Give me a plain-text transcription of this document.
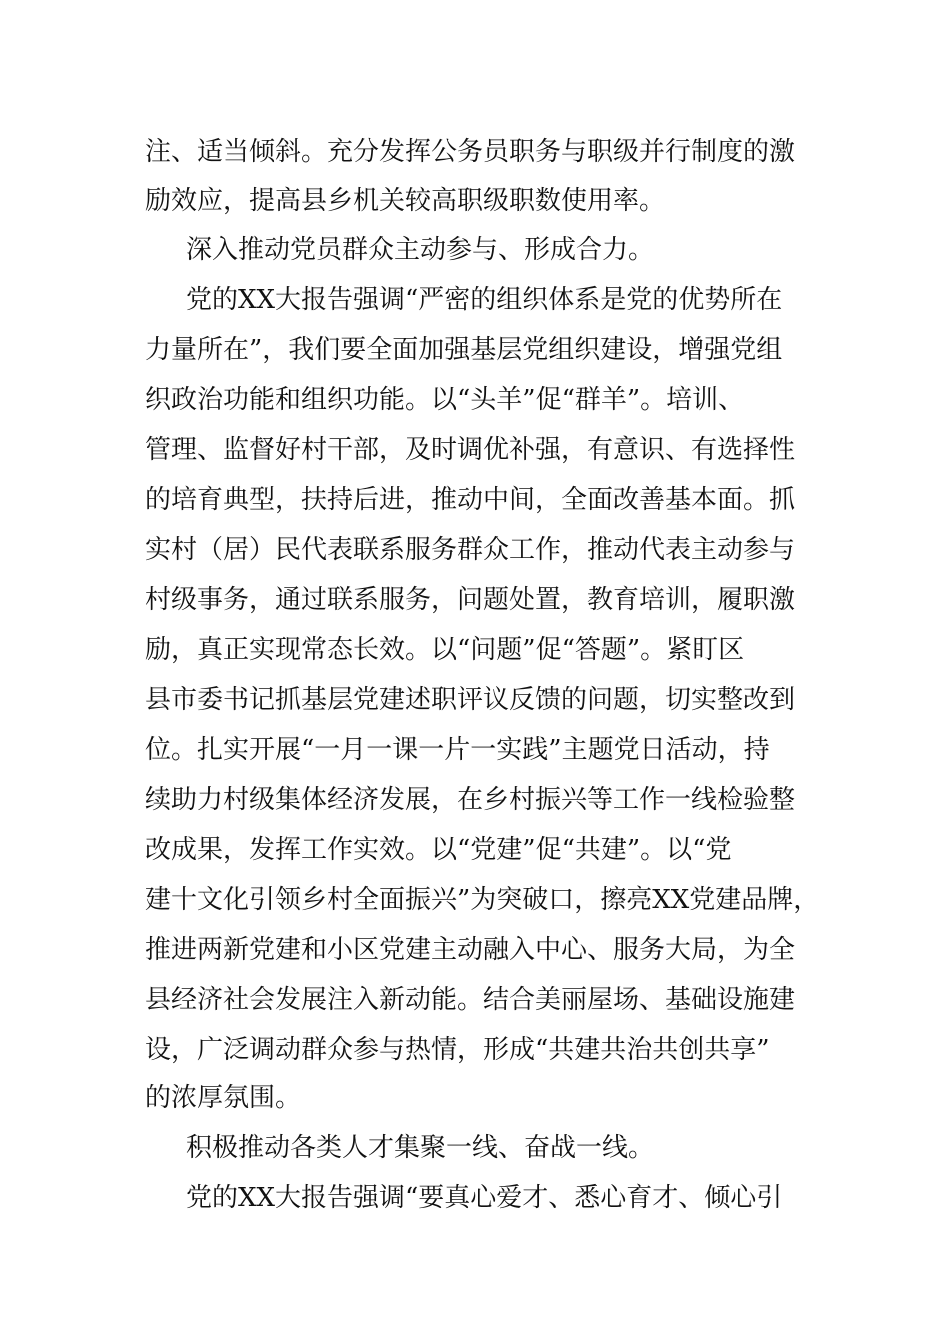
注、适当倾斜。充分发挥公务员职务与职级并行制度的激
励效应，提高县乡机关较高职级职数使用率。
深入推动党员群众主动参与、形成合力。
党的XX大报告强调“严密的组织体系是党的优势所在
力量所在”，我们要全面加强基层党组织建设，增强党组
织政治功能和组织功能。以“头羊”促“群羊”。培训、
管理、监督好村干部，及时调优补强，有意识、有选择性
的培育典型，扶持后进，推动中间，全面改善基本面。抓
实村（居）民代表联系服务群众工作，推动代表主动参与
村级事务，通过联系服务，问题处置，教育培训，履职激
励，真正实现常态长效。以“问题”促“答题”。紧盯区
县市委书记抓基层党建述职评议反馈的问题，切实整改到
位。扎实开展“一月一课一片一实践”主题党日活动，持
续助力村级集体经济发展，在乡村振兴等工作一线检验整
改成果，发挥工作实效。以“党建”促“共建”。以“党
建十文化引领乡村全面振兴”为突破口，擦亮XX党建品牌，
推进两新党建和小区党建主动融入中心、服务大局，为全
县经济社会发展注入新动能。结合美丽屋场、基础设施建
设，广泛调动群众参与热情，形成“共建共治共创共享”
的浓厚氛围。
积极推动各类人才集聚一线、奋战一线。
党的XX大报告强调“要真心爱才、悉心育才、倾心引
